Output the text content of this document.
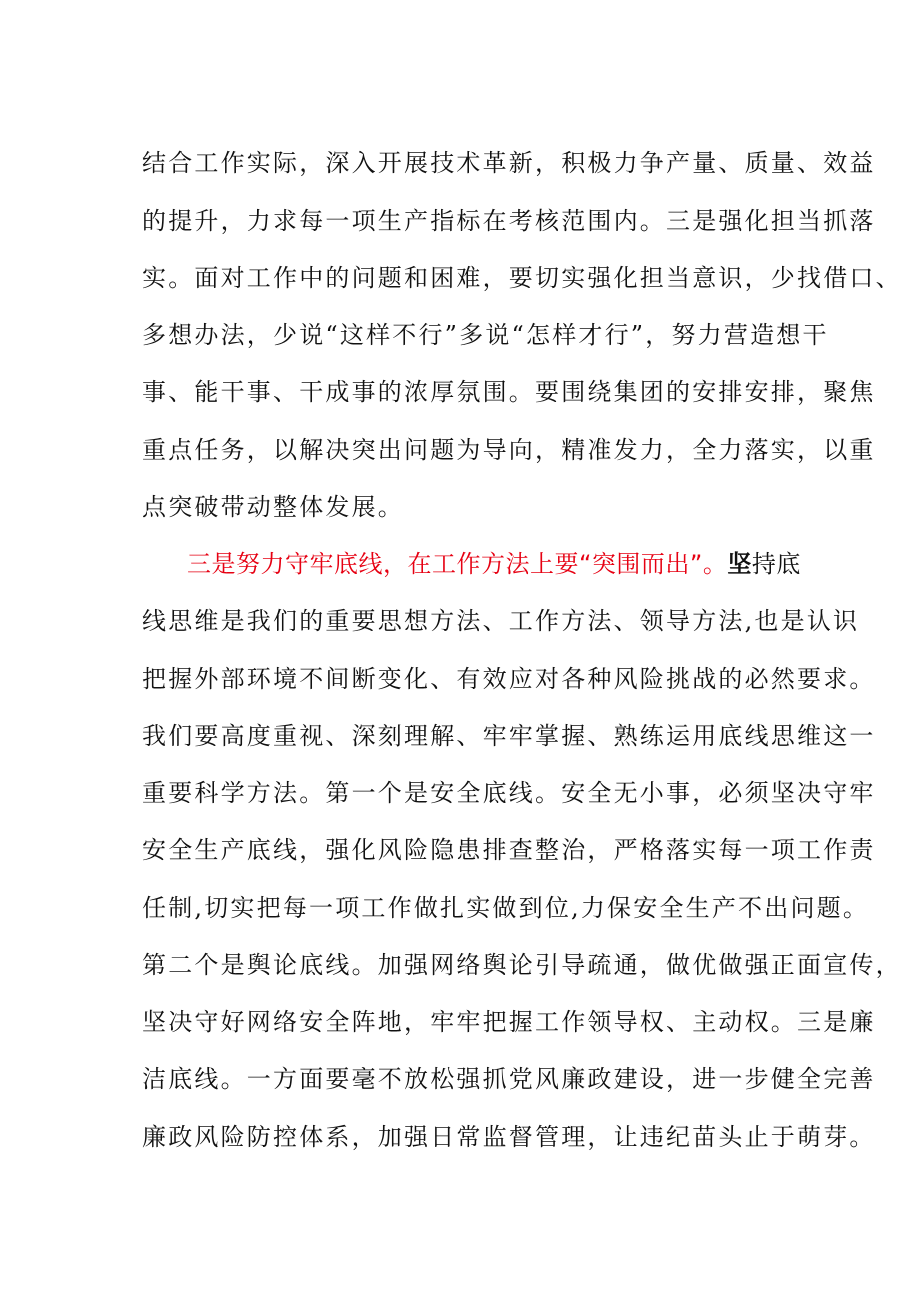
结合工作实际，深入开展技术革新，积极力争产量、质量、效益
的提升，力求每一项生产指标在考核范围内。三是强化担当抓落
实。面对工作中的问题和困难，要切实强化担当意识，少找借口、
多想办法，少说“这样不行”多说“怎样才行”，努力营造想干
事、能干事、干成事的浓厚氛围。要围绕集团的安排安排，聚焦
重点任务，以解决突出问题为导向，精准发力，全力落实，以重
点突破带动整体发展。
三是努力守牢底线，在工作方法上要“突围而出”。坚持底
线思维是我们的重要思想方法、工作方法、领导方法,也是认识
把握外部环境不间断变化、有效应对各种风险挑战的必然要求。
我们要高度重视、深刻理解、牢牢掌握、熟练运用底线思维这一
重要科学方法。第一个是安全底线。安全无小事，必须坚决守牢
安全生产底线，强化风险隐患排查整治，严格落实每一项工作责
任制,切实把每一项工作做扎实做到位,力保安全生产不出问题。
第二个是舆论底线。加强网络舆论引导疏通，做优做强正面宣传，
坚决守好网络安全阵地，牢牢把握工作领导权、主动权。三是廉
洁底线。一方面要毫不放松强抓党风廉政建设，进一步健全完善
廉政风险防控体系，加强日常监督管理，让违纪苗头止于萌芽。
